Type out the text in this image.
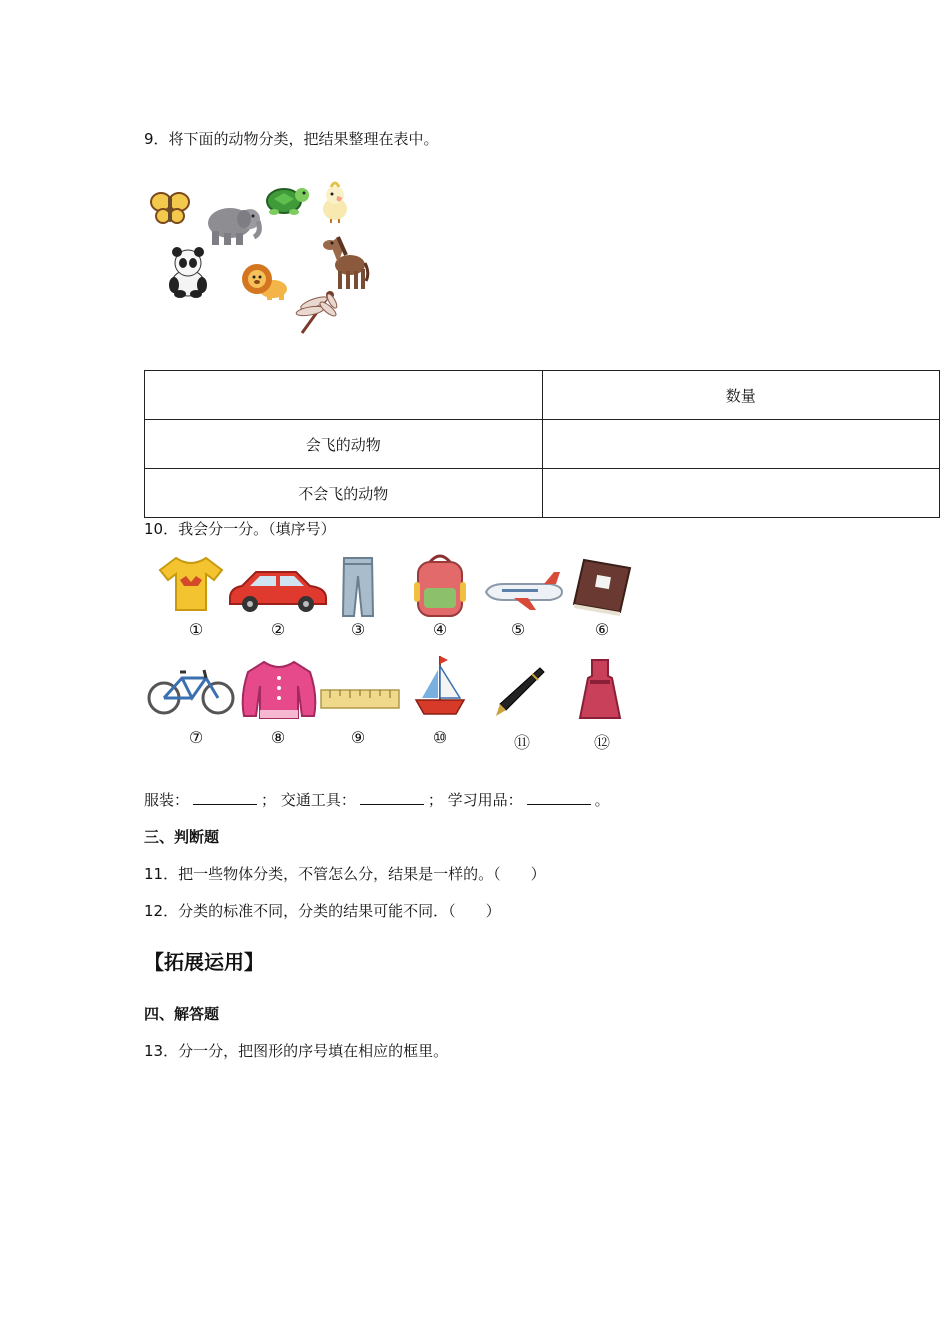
9．将下面的动物分类，把结果整理在表中。
	数量
会飞的动物	
不会飞的动物	
10．我会分一分。（填序号）
①	②	③	④	⑤	⑥
⑦	⑧	⑨	⑩	⑪	⑫
服装：	； 交通工具：	； 学习用品：	。
三、判断题
11．把一些物体分类，不管怎么分，结果是一样的。（　　）
12．分类的标准不同，分类的结果可能不同．（　　）
【拓展运用】
四、解答题
13．分一分，把图形的序号填在相应的框里。
